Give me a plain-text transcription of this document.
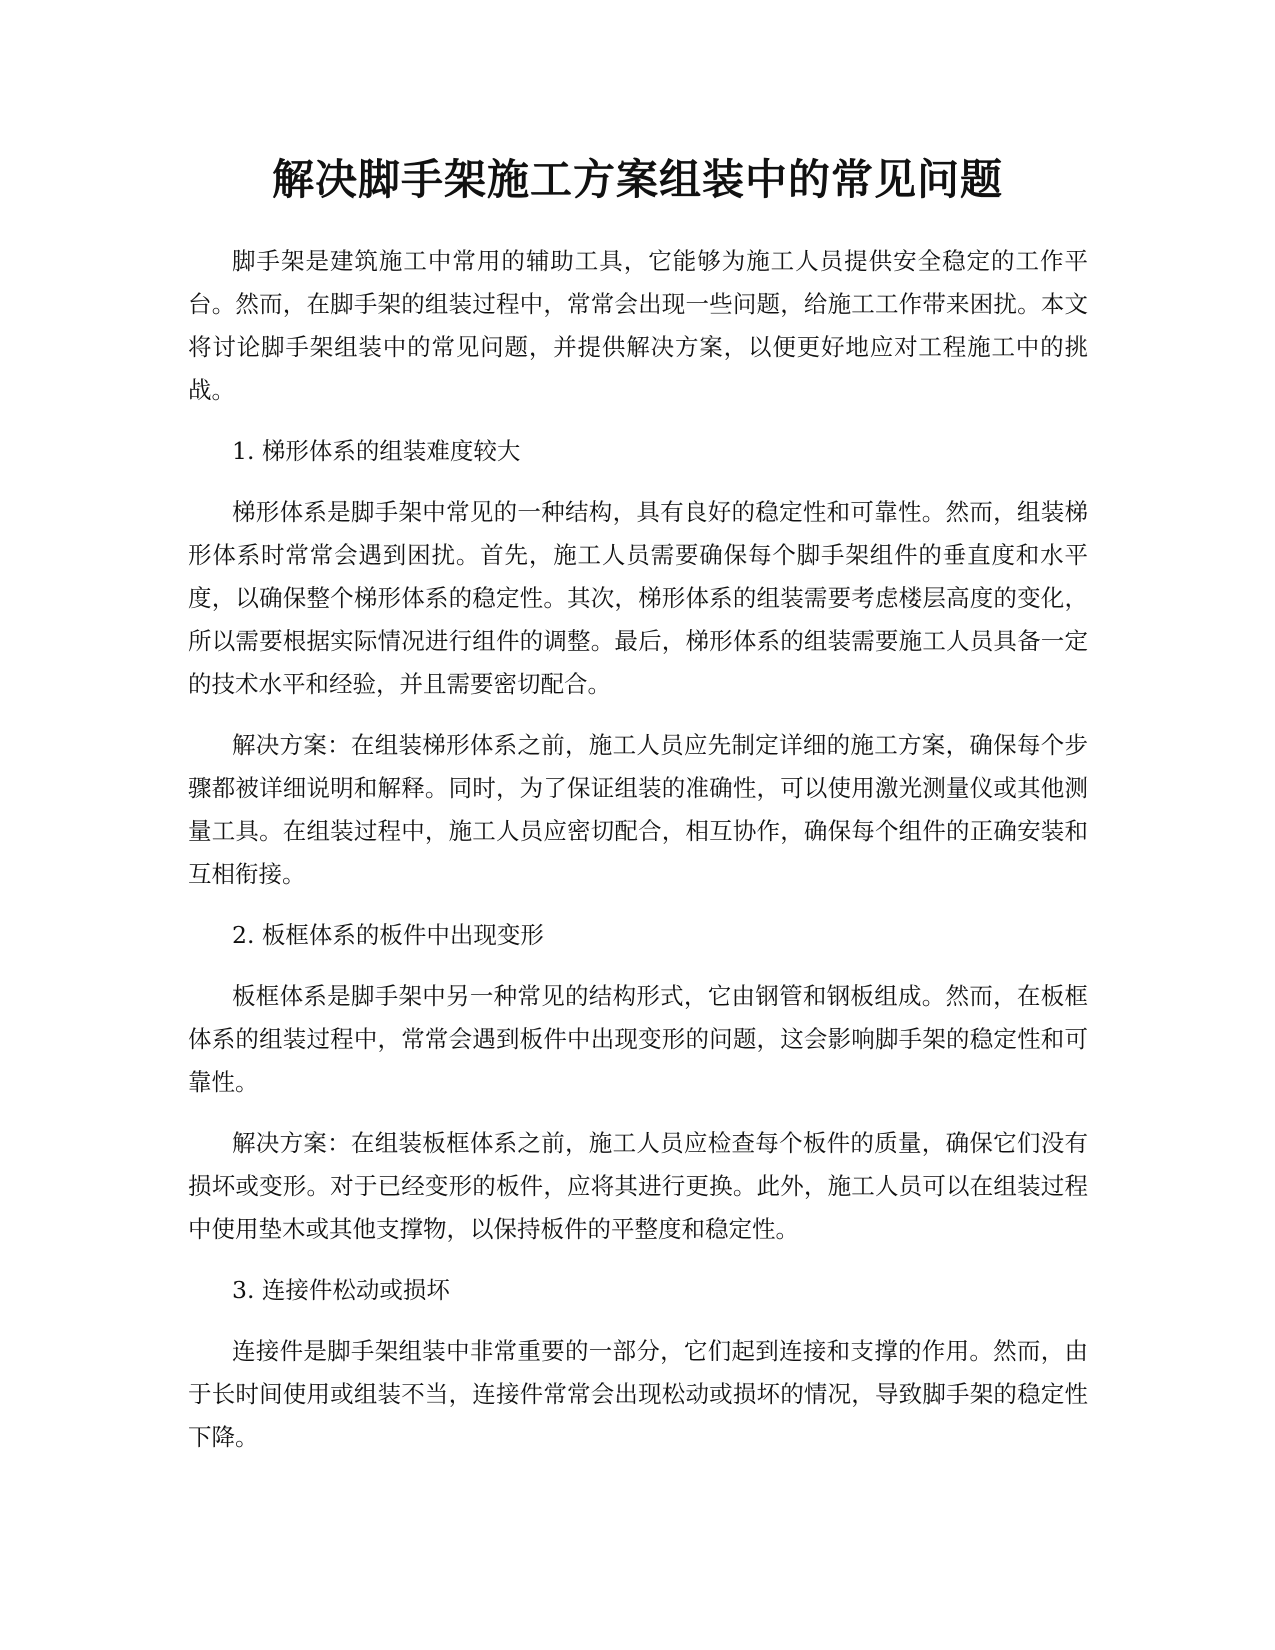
解决脚手架施工方案组装中的常见问题

脚手架是建筑施工中常用的辅助工具，它能够为施工人员提供安全稳定的工作平台。然而，在脚手架的组装过程中，常常会出现一些问题，给施工工作带来困扰。本文将讨论脚手架组装中的常见问题，并提供解决方案，以便更好地应对工程施工中的挑战。

1. 梯形体系的组装难度较大

梯形体系是脚手架中常见的一种结构，具有良好的稳定性和可靠性。然而，组装梯形体系时常常会遇到困扰。首先，施工人员需要确保每个脚手架组件的垂直度和水平度，以确保整个梯形体系的稳定性。其次，梯形体系的组装需要考虑楼层高度的变化，所以需要根据实际情况进行组件的调整。最后，梯形体系的组装需要施工人员具备一定的技术水平和经验，并且需要密切配合。

解决方案：在组装梯形体系之前，施工人员应先制定详细的施工方案，确保每个步骤都被详细说明和解释。同时，为了保证组装的准确性，可以使用激光测量仪或其他测量工具。在组装过程中，施工人员应密切配合，相互协作，确保每个组件的正确安装和互相衔接。

2. 板框体系的板件中出现变形

板框体系是脚手架中另一种常见的结构形式，它由钢管和钢板组成。然而，在板框体系的组装过程中，常常会遇到板件中出现变形的问题，这会影响脚手架的稳定性和可靠性。

解决方案：在组装板框体系之前，施工人员应检查每个板件的质量，确保它们没有损坏或变形。对于已经变形的板件，应将其进行更换。此外，施工人员可以在组装过程中使用垫木或其他支撑物，以保持板件的平整度和稳定性。

3. 连接件松动或损坏

连接件是脚手架组装中非常重要的一部分，它们起到连接和支撑的作用。然而，由于长时间使用或组装不当，连接件常常会出现松动或损坏的情况，导致脚手架的稳定性下降。
